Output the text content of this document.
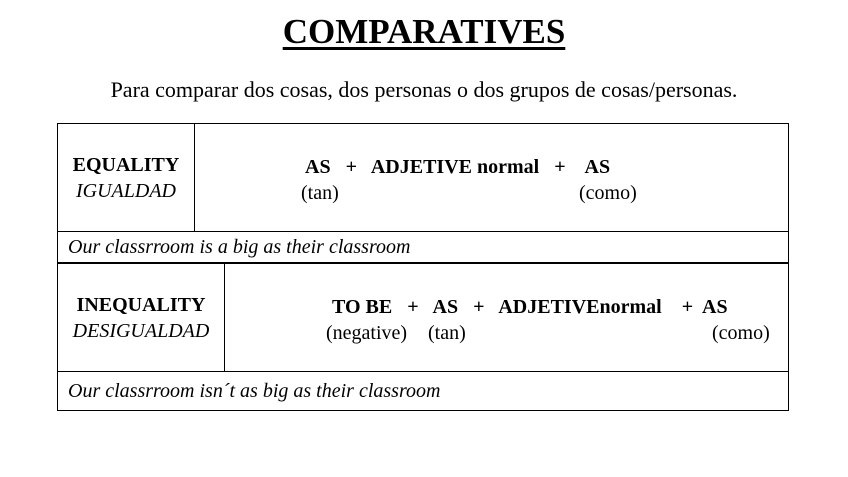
COMPARATIVES
Para comparar dos cosas, dos personas o dos grupos de cosas/personas.
EQUALITY
IGUALDAD
AS   +   ADJETIVE normal   +    AS
(tan)	(como)
Our classrroom is a big as their classroom
INEQUALITY
DESIGUALDAD
TO BE   +   AS   +   ADJETIVEnormal    +  AS
(negative) (tan)	(como)
Our classrroom isn´t as big as their classroom
